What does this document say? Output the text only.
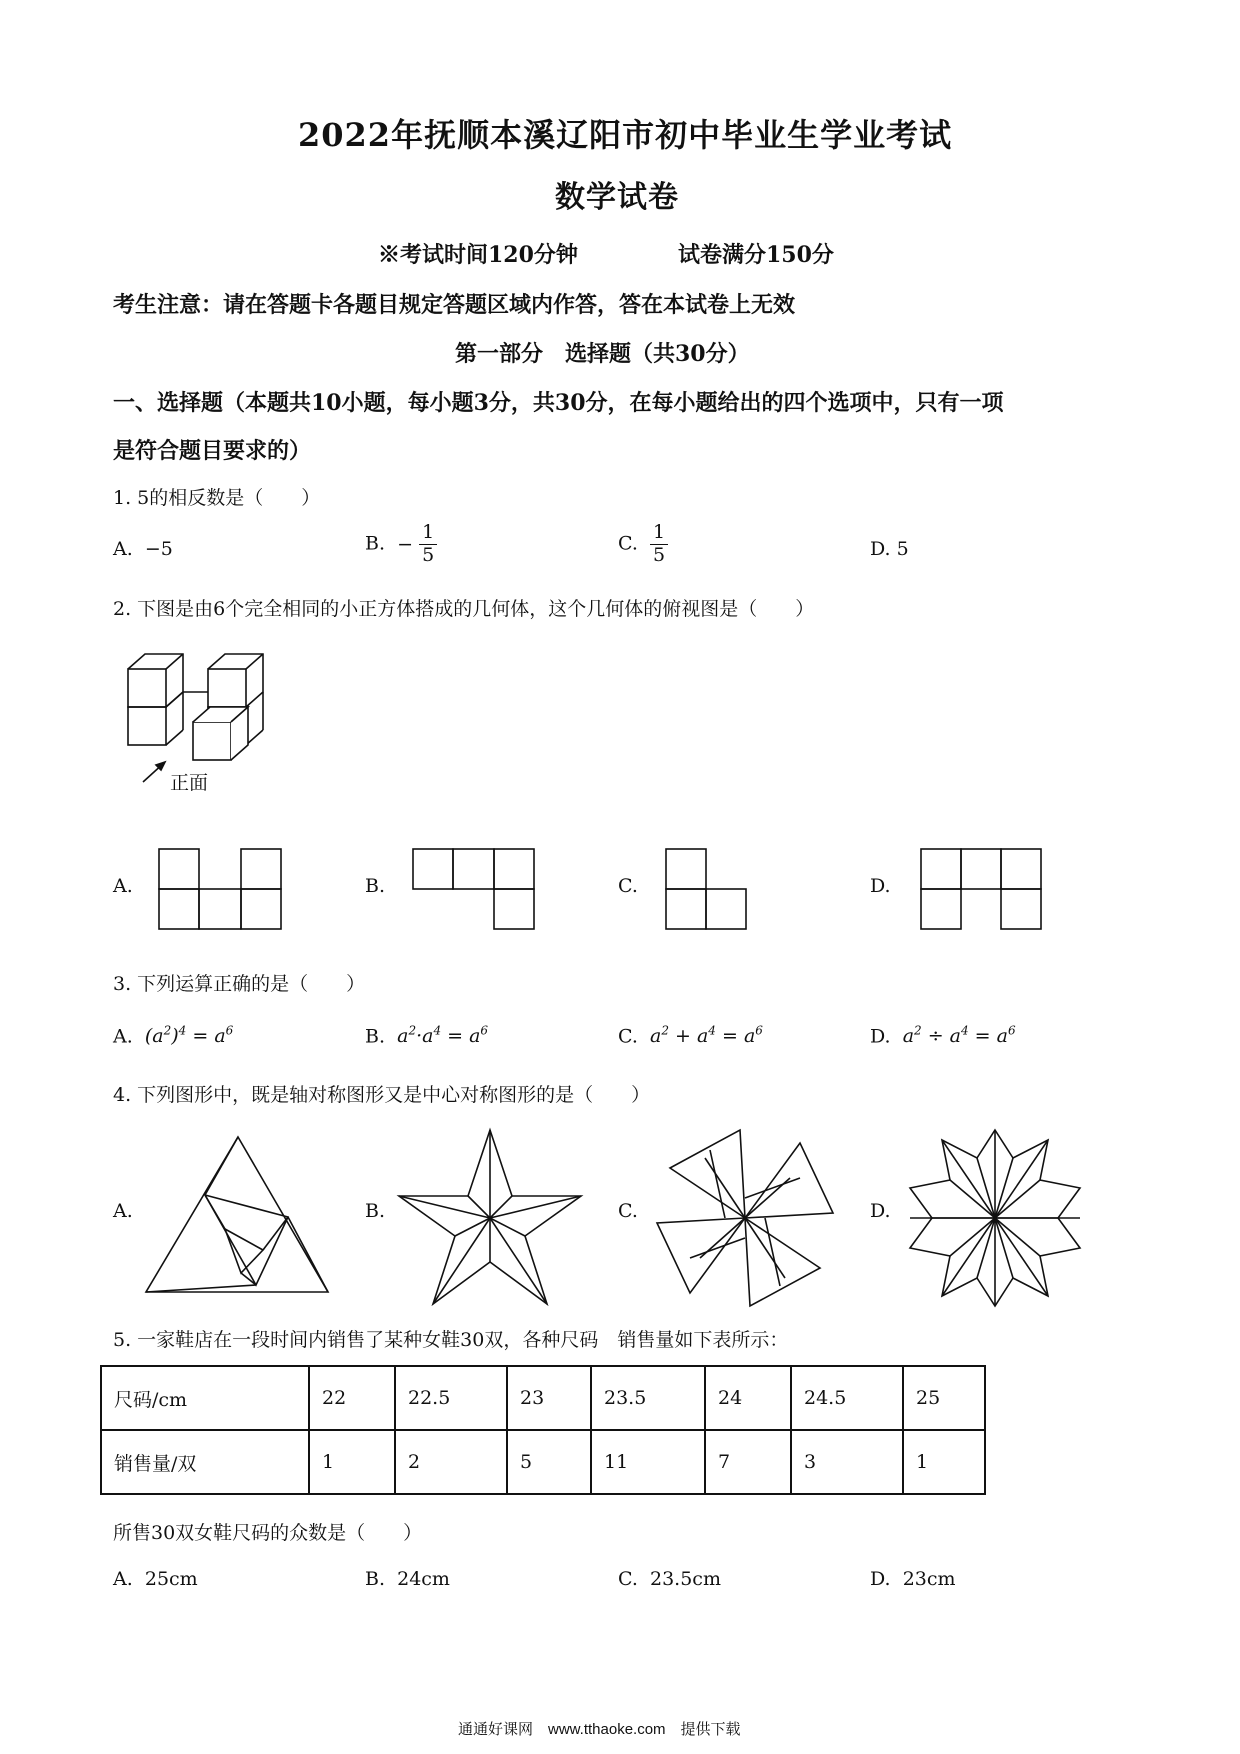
2022年抚顺本溪辽阳市初中毕业生学业考试
数学试卷
※考试时间120分钟	试卷满分150分
考生注意：请在答题卡各题目规定答题区域内作答，答在本试卷上无效
第一部分　选择题（共30分）
一、选择题（本题共10小题，每小题3分，共30分，在每小题给出的四个选项中，只有一项
是符合题目要求的）
1. 5的相反数是（　　）
A. −5	B. − $\frac{1}{5}$	C. $\frac{1}{5}$	D. 5
2. 下图是由6个完全相同的小正方体搭成的几何体，这个几何体的俯视图是（　　）
正面
A.	B.	C.	D.
3. 下列运算正确的是（　　）
A. $(a^2)^4 = a^6$	B. $a^2\cdot a^4 = a^6$	C. $a^2 + a^4 = a^6$	D. $a^2 \div a^4 = a^6$
4. 下列图形中，既是轴对称图形又是中心对称图形的是（　　）
A.	B.	C.	D.
5. 一家鞋店在一段时间内销售了某种女鞋30双，各种尺码　销售量如下表所示：
尺码/cm	22	22.5	23	23.5	24	24.5	25
销售量/双	1	2	5	11	7	3	1
所售30双女鞋尺码的众数是（　　）
A. 25cm	B. 24cm	C. 23.5cm	D. 23cm
通通好课网　www.tthaoke.com　提供下载
